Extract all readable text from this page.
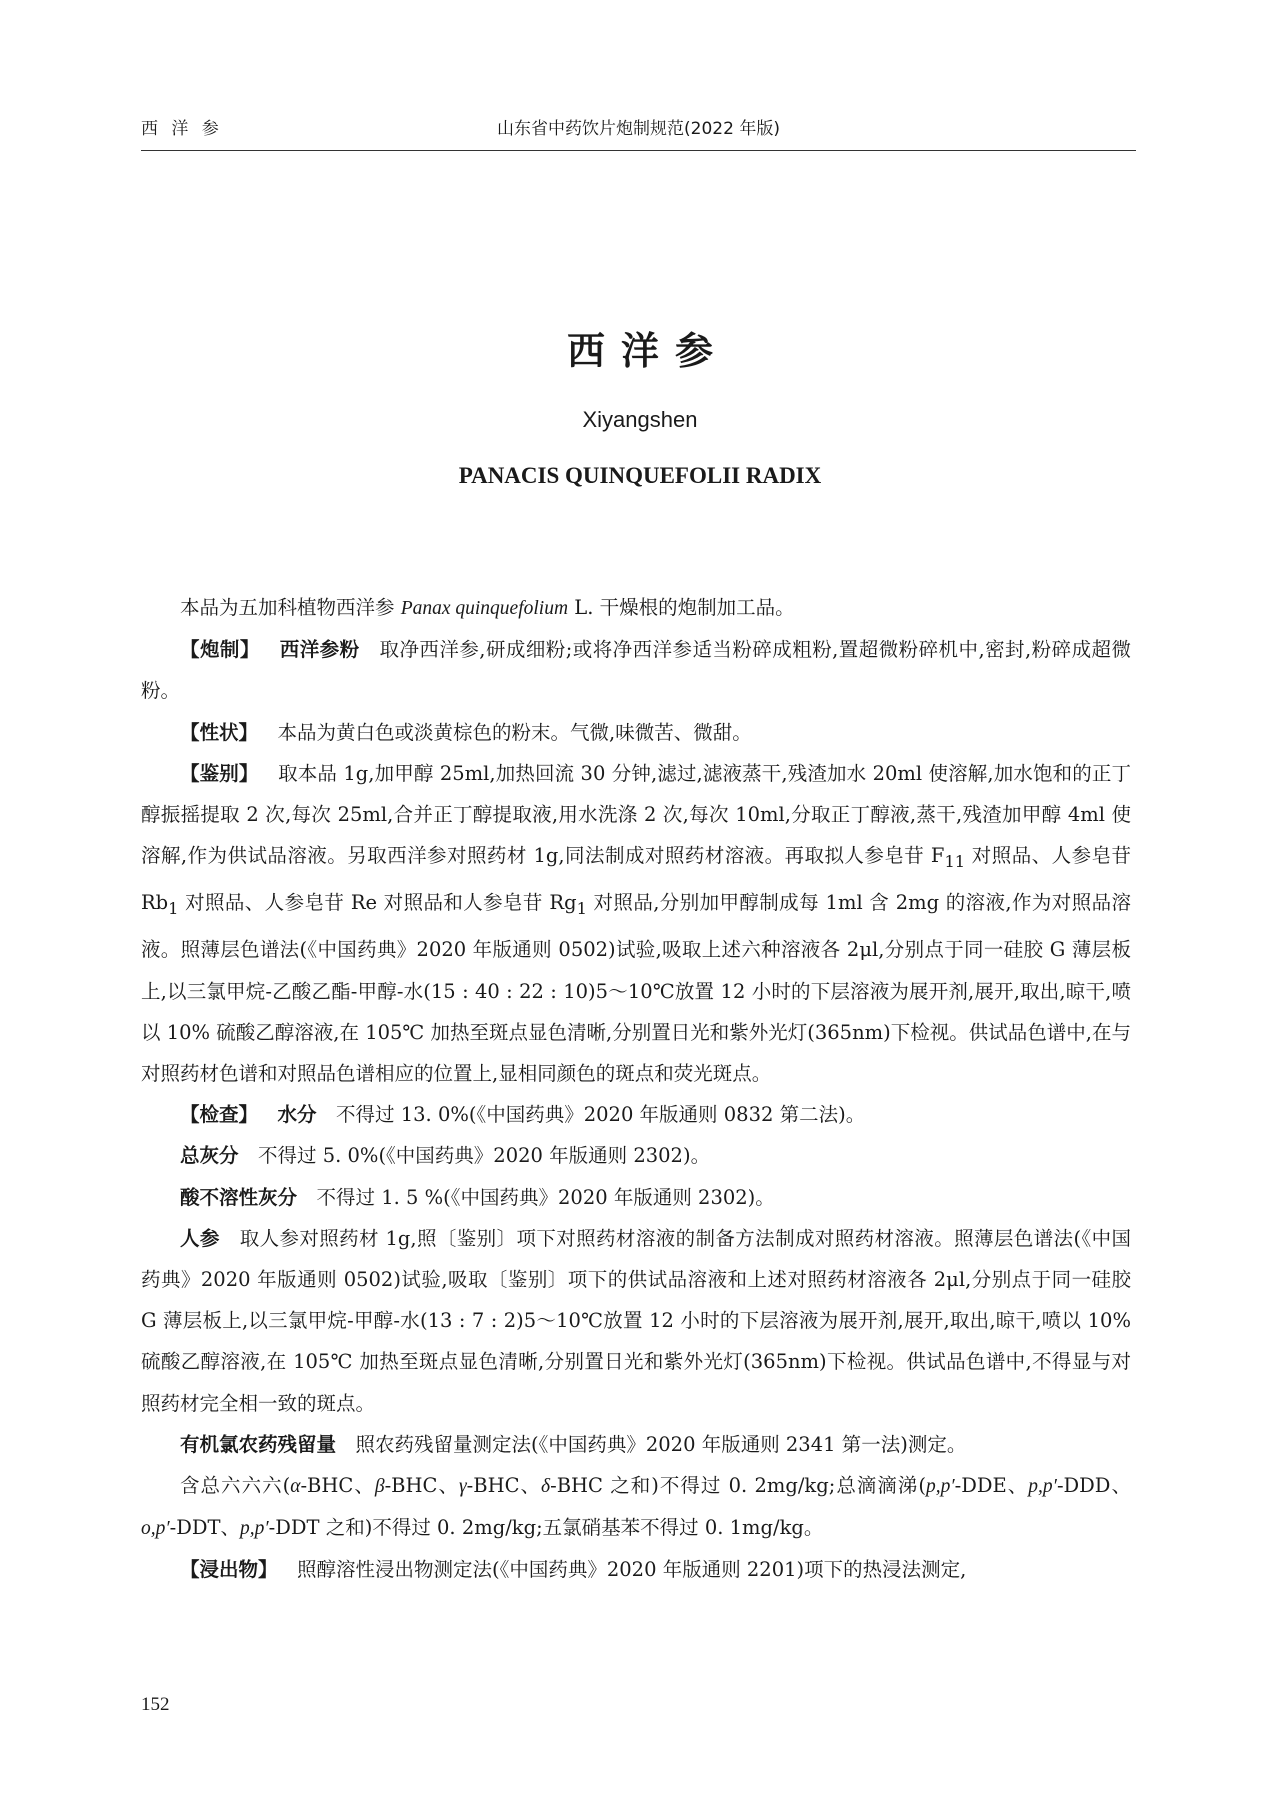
西 洋 参	山东省中药饮片炮制规范(2022 年版)
西洋参
Xiyangshen
PANACIS QUINQUEFOLII RADIX

本品为五加科植物西洋参 Panax quinquefolium L. 干燥根的炮制加工品。

【炮制】 西洋参粉 取净西洋参,研成细粉;或将净西洋参适当粉碎成粗粉,置超微粉碎机中,密封,粉碎成超微粉。

【性状】 本品为黄白色或淡黄棕色的粉末。气微,味微苦、微甜。

【鉴别】 取本品 1g,加甲醇 25ml,加热回流 30 分钟,滤过,滤液蒸干,残渣加水 20ml 使溶解,加水饱和的正丁醇振摇提取 2 次,每次 25ml,合并正丁醇提取液,用水洗涤 2 次,每次 10ml,分取正丁醇液,蒸干,残渣加甲醇 4ml 使溶解,作为供试品溶液。另取西洋参对照药材 1g,同法制成对照药材溶液。再取拟人参皂苷 $F_{11}$ 对照品、人参皂苷 $Rb_1$ 对照品、人参皂苷 Re 对照品和人参皂苷 $Rg_1$ 对照品,分别加甲醇制成每 1ml 含 2mg 的溶液,作为对照品溶液。照薄层色谱法(《中国药典》2020 年版通则 0502)试验,吸取上述六种溶液各 2μl,分别点于同一硅胶 G 薄层板上,以三氯甲烷-乙酸乙酯-甲醇-水(15 : 40 : 22 : 10)5～10℃放置 12 小时的下层溶液为展开剂,展开,取出,晾干,喷以 10% 硫酸乙醇溶液,在 105℃ 加热至斑点显色清晰,分别置日光和紫外光灯(365nm)下检视。供试品色谱中,在与对照药材色谱和对照品色谱相应的位置上,显相同颜色的斑点和荧光斑点。

【检查】 水分 不得过 13. 0%(《中国药典》2020 年版通则 0832 第二法)。

总灰分 不得过 5. 0%(《中国药典》2020 年版通则 2302)。

酸不溶性灰分 不得过 1. 5 %(《中国药典》2020 年版通则 2302)。

人参 取人参对照药材 1g,照〔鉴别〕项下对照药材溶液的制备方法制成对照药材溶液。照薄层色谱法(《中国药典》2020 年版通则 0502)试验,吸取〔鉴别〕项下的供试品溶液和上述对照药材溶液各 2μl,分别点于同一硅胶 G 薄层板上,以三氯甲烷-甲醇-水(13 : 7 : 2)5～10℃放置 12 小时的下层溶液为展开剂,展开,取出,晾干,喷以 10%硫酸乙醇溶液,在 105℃ 加热至斑点显色清晰,分别置日光和紫外光灯(365nm)下检视。供试品色谱中,不得显与对照药材完全相一致的斑点。

有机氯农药残留量 照农药残留量测定法(《中国药典》2020 年版通则 2341 第一法)测定。

含总六六六(α-BHC、β-BHC、γ-BHC、δ-BHC 之和)不得过 0. 2mg/kg;总滴滴涕(p,p′-DDE、p,p′-DDD、o,p′-DDT、p,p′-DDT 之和)不得过 0. 2mg/kg;五氯硝基苯不得过 0. 1mg/kg。

【浸出物】 照醇溶性浸出物测定法(《中国药典》2020 年版通则 2201)项下的热浸法测定,

152
